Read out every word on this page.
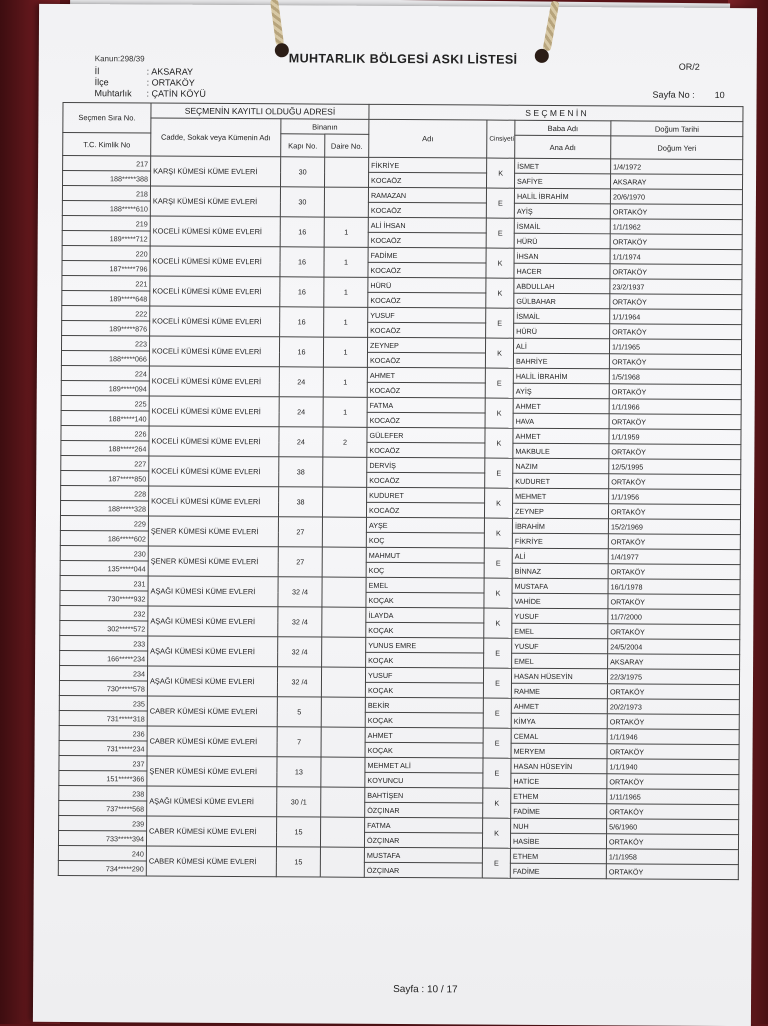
Kanun:298/39	MUHTARLIK BÖLGESİ ASKI LİSTESİ
OR/2
İl	: AKSARAY
İlçe	: ORTAKÖY
Muhtarlık	: ÇATİN KÖYÜ	Sayfa No : 10
Seçmen Sıra No.	SEÇMENİN KAYITLI OLDUĞU ADRESİ			S E Ç M E N İ N			
	Cadde, Sokak veya Kümenin Adı	Binanın		Adı	Cinsiyeti	Baba Adı	Doğum Tarihi
T.C. Kimlik No		Kapı No.	Daire No.			Ana Adı	Doğum Yeri
217	KARŞI KÜMESİ KÜME EVLERİ	30		FİKRİYE	K	İSMET	1/4/1972
188*****388				KOCAÖZ		SAFİYE	AKSARAY
218	KARŞI KÜMESİ KÜME EVLERİ	30		RAMAZAN	E	HALİL İBRAHİM	20/6/1970
188*****610				KOCAÖZ		AYİŞ	ORTAKÖY
219	KOCELİ KÜMESİ KÜME EVLERİ	16	1	ALİ İHSAN	E	İSMAİL	1/1/1962
189*****712				KOCAÖZ		HÜRÜ	ORTAKÖY
220	KOCELİ KÜMESİ KÜME EVLERİ	16	1	FADİME	K	İHSAN	1/1/1974
187*****796				KOCAÖZ		HACER	ORTAKÖY
221	KOCELİ KÜMESİ KÜME EVLERİ	16	1	HÜRÜ	K	ABDULLAH	23/2/1937
189*****648				KOCAÖZ		GÜLBAHAR	ORTAKÖY
222	KOCELİ KÜMESİ KÜME EVLERİ	16	1	YUSUF	E	İSMAİL	1/1/1964
189*****876				KOCAÖZ		HÜRÜ	ORTAKÖY
223	KOCELİ KÜMESİ KÜME EVLERİ	16	1	ZEYNEP	K	ALİ	1/1/1965
188*****066				KOCAÖZ		BAHRİYE	ORTAKÖY
224	KOCELİ KÜMESİ KÜME EVLERİ	24	1	AHMET	E	HALİL İBRAHİM	1/5/1968
189*****094				KOCAÖZ		AYİŞ	ORTAKÖY
225	KOCELİ KÜMESİ KÜME EVLERİ	24	1	FATMA	K	AHMET	1/1/1966
188*****140				KOCAÖZ		HAVA	ORTAKÖY
226	KOCELİ KÜMESİ KÜME EVLERİ	24	2	GÜLEFER	K	AHMET	1/1/1959
188*****264				KOCAÖZ		MAKBULE	ORTAKÖY
227	KOCELİ KÜMESİ KÜME EVLERİ	38		DERVİŞ	E	NAZIM	12/5/1995
187*****850				KOCAÖZ		KUDURET	ORTAKÖY
228	KOCELİ KÜMESİ KÜME EVLERİ	38		KUDURET	K	MEHMET	1/1/1956
188*****328				KOCAÖZ		ZEYNEP	ORTAKÖY
229	ŞENER KÜMESİ KÜME EVLERİ	27		AYŞE	K	İBRAHİM	15/2/1969
186*****602				KOÇ		FİKRİYE	ORTAKÖY
230	ŞENER KÜMESİ KÜME EVLERİ	27		MAHMUT	E	ALİ	1/4/1977
135*****044				KOÇ		BİNNAZ	ORTAKÖY
231	AŞAĞI KÜMESİ KÜME EVLERİ	32 /4		EMEL	K	MUSTAFA	16/1/1978
730*****932				KOÇAK		VAHİDE	ORTAKÖY
232	AŞAĞI KÜMESİ KÜME EVLERİ	32 /4		İLAYDA	K	YUSUF	11/7/2000
302*****572				KOÇAK		EMEL	ORTAKÖY
233	AŞAĞI KÜMESİ KÜME EVLERİ	32 /4		YUNUS EMRE	E	YUSUF	24/5/2004
166*****234				KOÇAK		EMEL	AKSARAY
234	AŞAĞI KÜMESİ KÜME EVLERİ	32 /4		YUSUF	E	HASAN HÜSEYİN	22/3/1975
730*****578				KOÇAK		RAHME	ORTAKÖY
235	CABER KÜMESİ KÜME EVLERİ	5		BEKİR	E	AHMET	20/2/1973
731*****318				KOÇAK		KİMYA	ORTAKÖY
236	CABER KÜMESİ KÜME EVLERİ	7		AHMET	E	CEMAL	1/1/1946
731*****234				KOÇAK		MERYEM	ORTAKÖY
237	ŞENER KÜMESİ KÜME EVLERİ	13		MEHMET ALİ	E	HASAN HÜSEYİN	1/1/1940
151*****366				KOYUNCU		HATİCE	ORTAKÖY
238	AŞAĞI KÜMESİ KÜME EVLERİ	30 /1		BAHTİŞEN	K	ETHEM	1/11/1965
737*****568				ÖZÇINAR		FADİME	ORTAKÖY
239	CABER KÜMESİ KÜME EVLERİ	15		FATMA	K	NUH	5/6/1960
733*****394				ÖZÇINAR		HASİBE	ORTAKÖY
240	CABER KÜMESİ KÜME EVLERİ	15		MUSTAFA	E	ETHEM	1/1/1958
734*****290				ÖZÇINAR		FADİME	ORTAKÖY
Sayfa : 10 / 17
